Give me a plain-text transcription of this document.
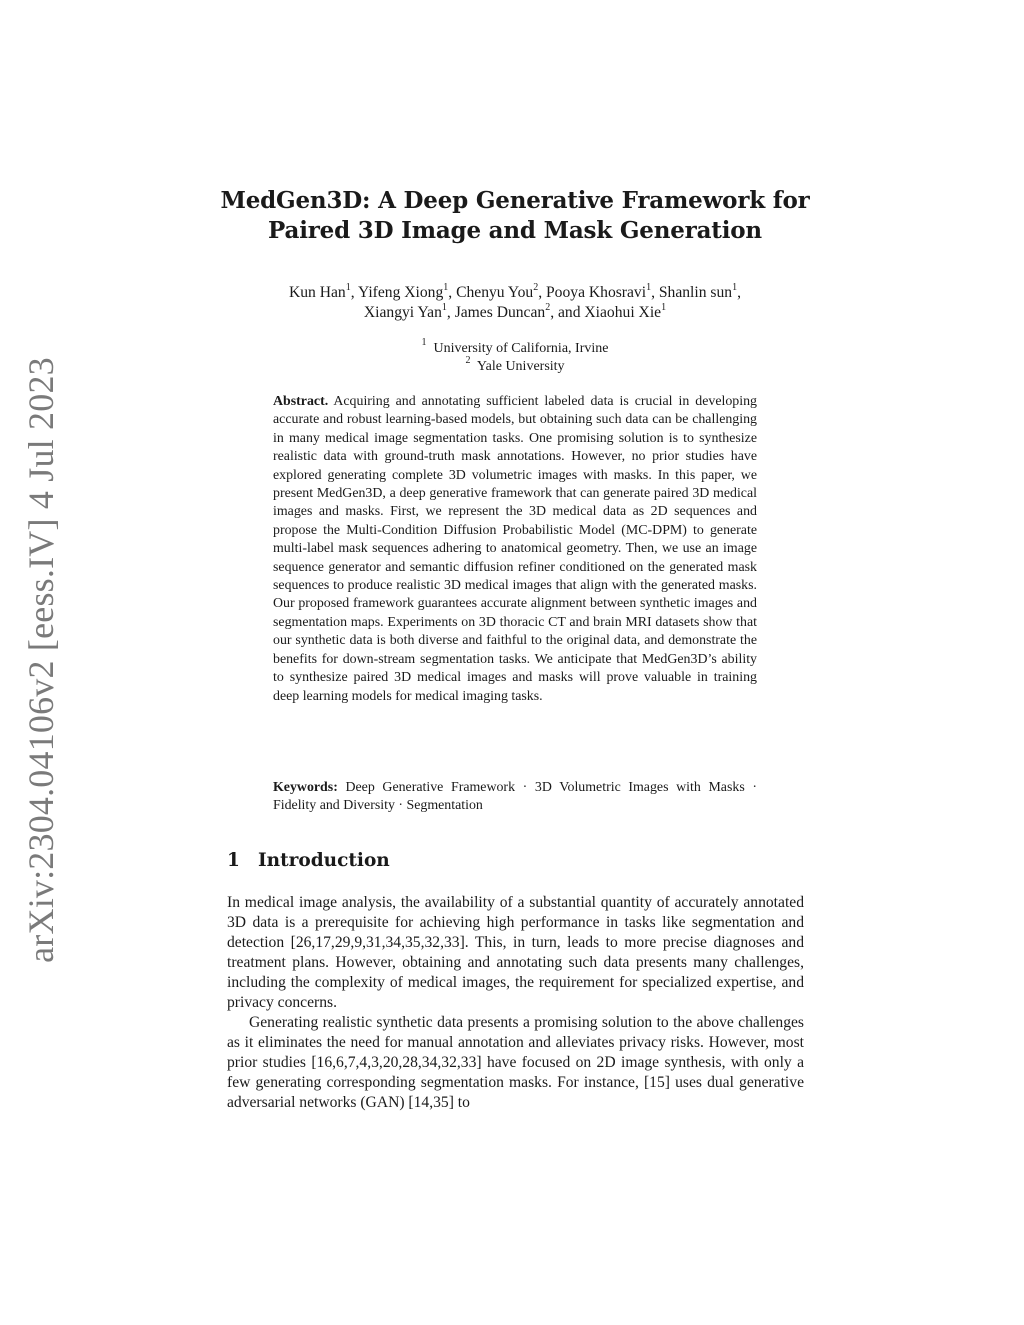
arXiv:2304.04106v2 [eess.IV] 4 Jul 2023
MedGen3D: A Deep Generative Framework for
Paired 3D Image and Mask Generation
Kun Han$^1$, Yifeng Xiong$^1$, Chenyu You$^2$, Pooya Khosravi$^1$, Shanlin sun$^1$,
Xiangyi Yan$^1$, James Duncan$^2$, and Xiaohui Xie$^1$
$^1$ University of California, Irvine
$^2$ Yale University
Abstract. Acquiring and annotating sufficient labeled data is crucial in developing accurate and robust learning-based models, but obtaining such data can be challenging in many medical image segmentation tasks. One promising solution is to synthesize realistic data with ground-truth mask annotations. However, no prior studies have explored generating complete 3D volumetric images with masks. In this paper, we present MedGen3D, a deep generative framework that can generate paired 3D medical images and masks. First, we represent the 3D medical data as 2D sequences and propose the Multi-Condition Diffusion Probabilistic Model (MC-DPM) to generate multi-label mask sequences adhering to anatomical geometry. Then, we use an image sequence generator and semantic diffusion refiner conditioned on the generated mask sequences to produce realistic 3D medical images that align with the generated masks. Our proposed framework guarantees accurate alignment between synthetic images and segmentation maps. Experiments on 3D thoracic CT and brain MRI datasets show that our synthetic data is both diverse and faithful to the original data, and demonstrate the benefits for down-stream segmentation tasks. We anticipate that MedGen3D’s ability to synthesize paired 3D medical images and masks will prove valuable in training deep learning models for medical imaging tasks.
Keywords: Deep Generative Framework · 3D Volumetric Images with Masks · Fidelity and Diversity · Segmentation
1 Introduction

In medical image analysis, the availability of a substantial quantity of accurately annotated 3D data is a prerequisite for achieving high performance in tasks like segmentation and detection [26,17,29,9,31,34,35,32,33]. This, in turn, leads to more precise diagnoses and treatment plans. However, obtaining and annotating such data presents many challenges, including the complexity of medical images, the requirement for specialized expertise, and privacy concerns.

Generating realistic synthetic data presents a promising solution to the above challenges as it eliminates the need for manual annotation and alleviates privacy risks. However, most prior studies [16,6,7,4,3,20,28,34,32,33] have focused on 2D image synthesis, with only a few generating corresponding segmentation masks. For instance, [15] uses dual generative adversarial networks (GAN) [14,35] to
